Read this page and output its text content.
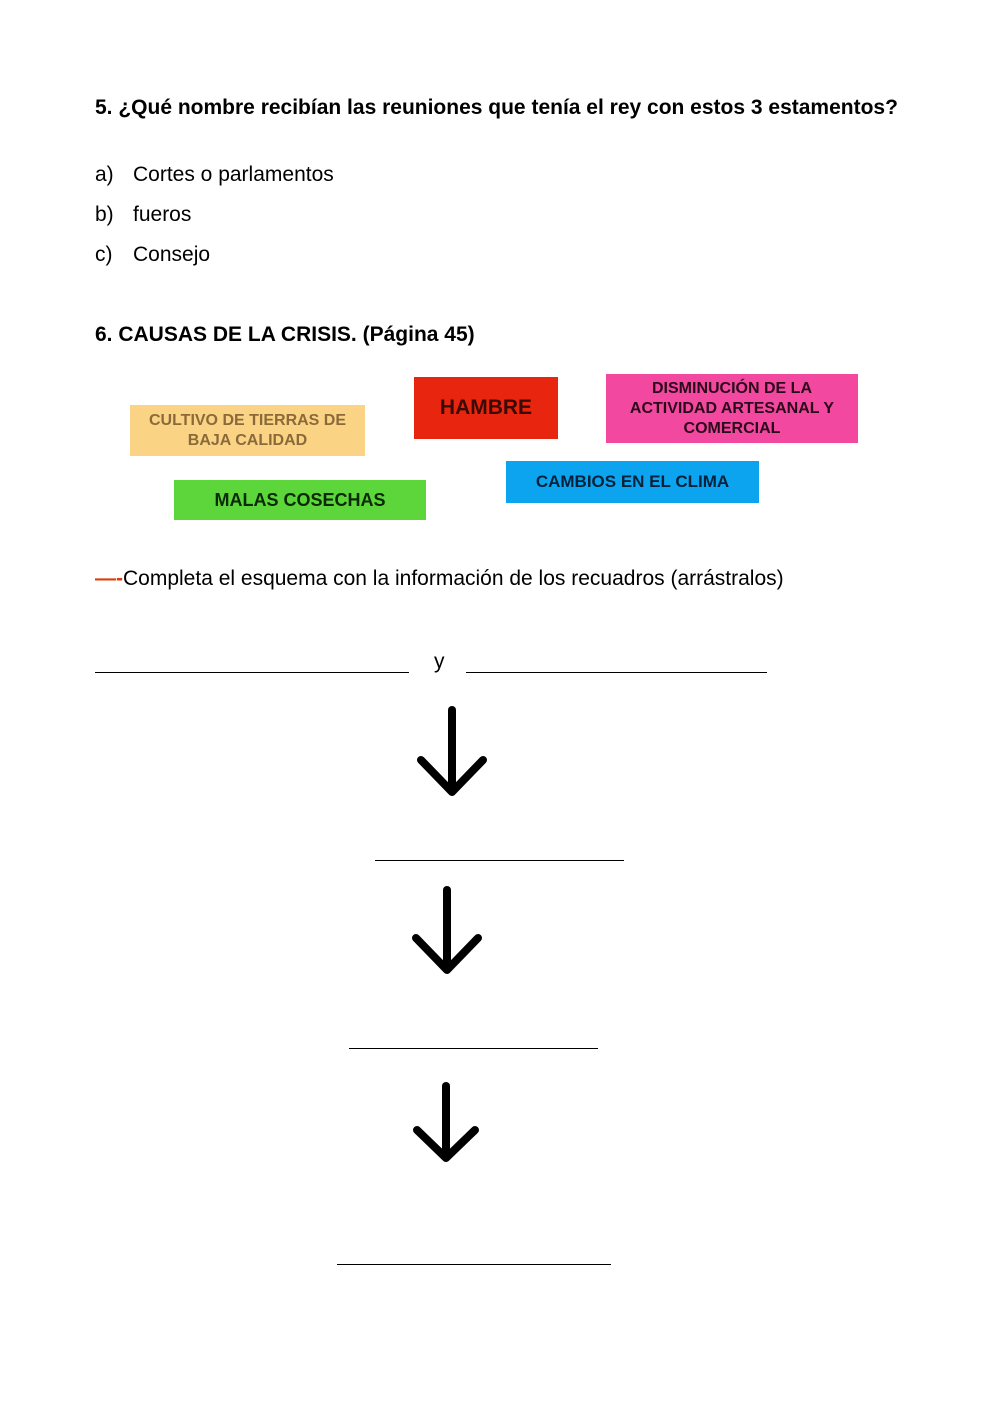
5. ¿Qué nombre recibían las reuniones que tenía el rey con estos 3 estamentos?
a) Cortes o parlamentos
b) fueros
c) Consejo
6. CAUSAS DE LA CRISIS. (Página 45)
CULTIVO DE TIERRAS DE BAJA CALIDAD
HAMBRE
DISMINUCIÓN DE LA ACTIVIDAD ARTESANAL Y COMERCIAL
CAMBIOS EN EL CLIMA
MALAS COSECHAS
—-Completa el esquema con la información de los recuadros (arrástralos)
y
